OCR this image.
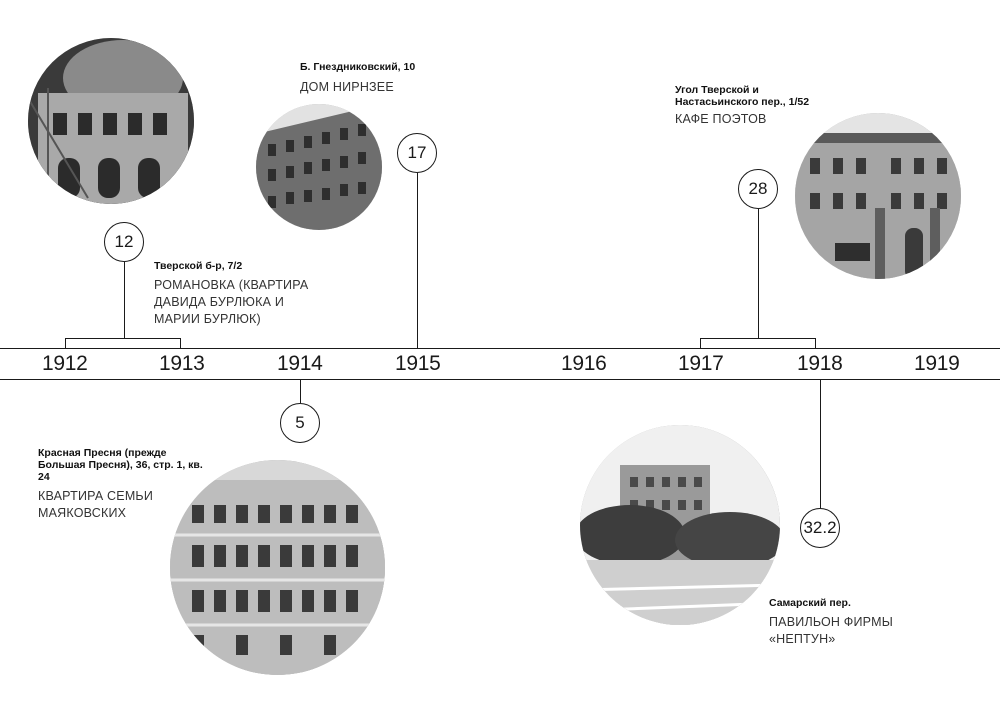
1912	1913	1914	1915	1916	1917	1918	1919
12
Тверской б-р, 7/2
РОМАНОВКА (КВАРТИРА ДАВИДА БУРЛЮКА И МАРИИ БУРЛЮК)
5
Красная Пресня (прежде Большая Пресня), 36, стр. 1, кв. 24
КВАРТИРА СЕМЬИ МАЯКОВСКИХ
Б. Гнездниковский, 10
ДОМ НИРНЗЕЕ
17
Угол Тверской и Настасьинского пер., 1/52
КАФЕ ПОЭТОВ
28
32.2
Самарский пер.
ПАВИЛЬОН ФИРМЫ «НЕПТУН»
